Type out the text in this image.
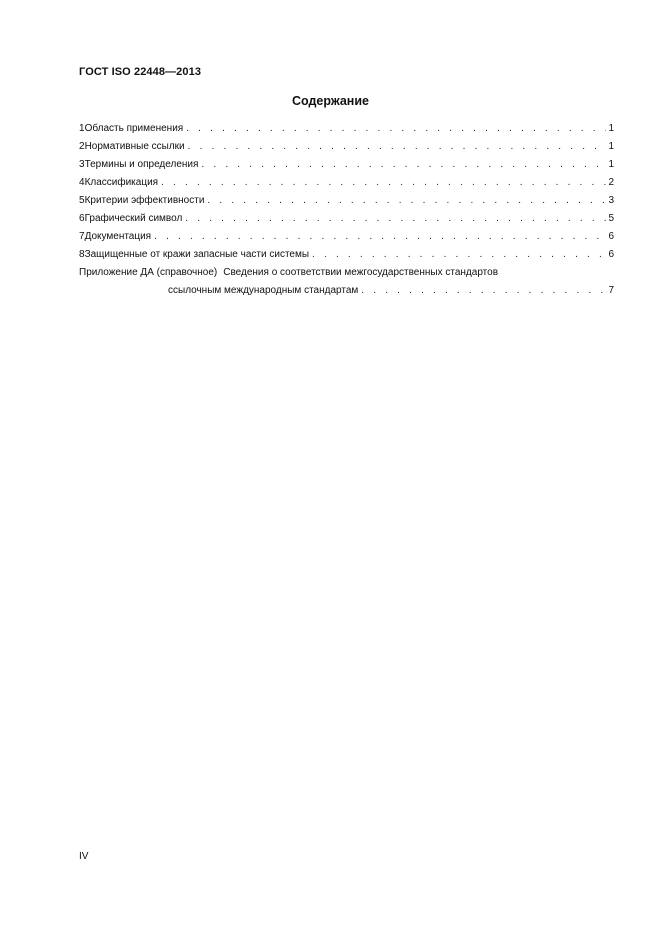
ГОСТ ISO 22448—2013
Содержание
1 Область применения . . .	1
2 Нормативные ссылки . . .	1
3 Термины и определения . . .	1
4 Классификация . . .	2
5 Критерии эффективности . . .	3
6 Графический символ . . .	5
7 Документация . . .	6
8 Защищенные от кражи запасные части системы . . .	6
Приложение ДА (справочное) Сведения о соответствии межгосударственных стандартов
ссылочным международным стандартам . . .	7
IV
